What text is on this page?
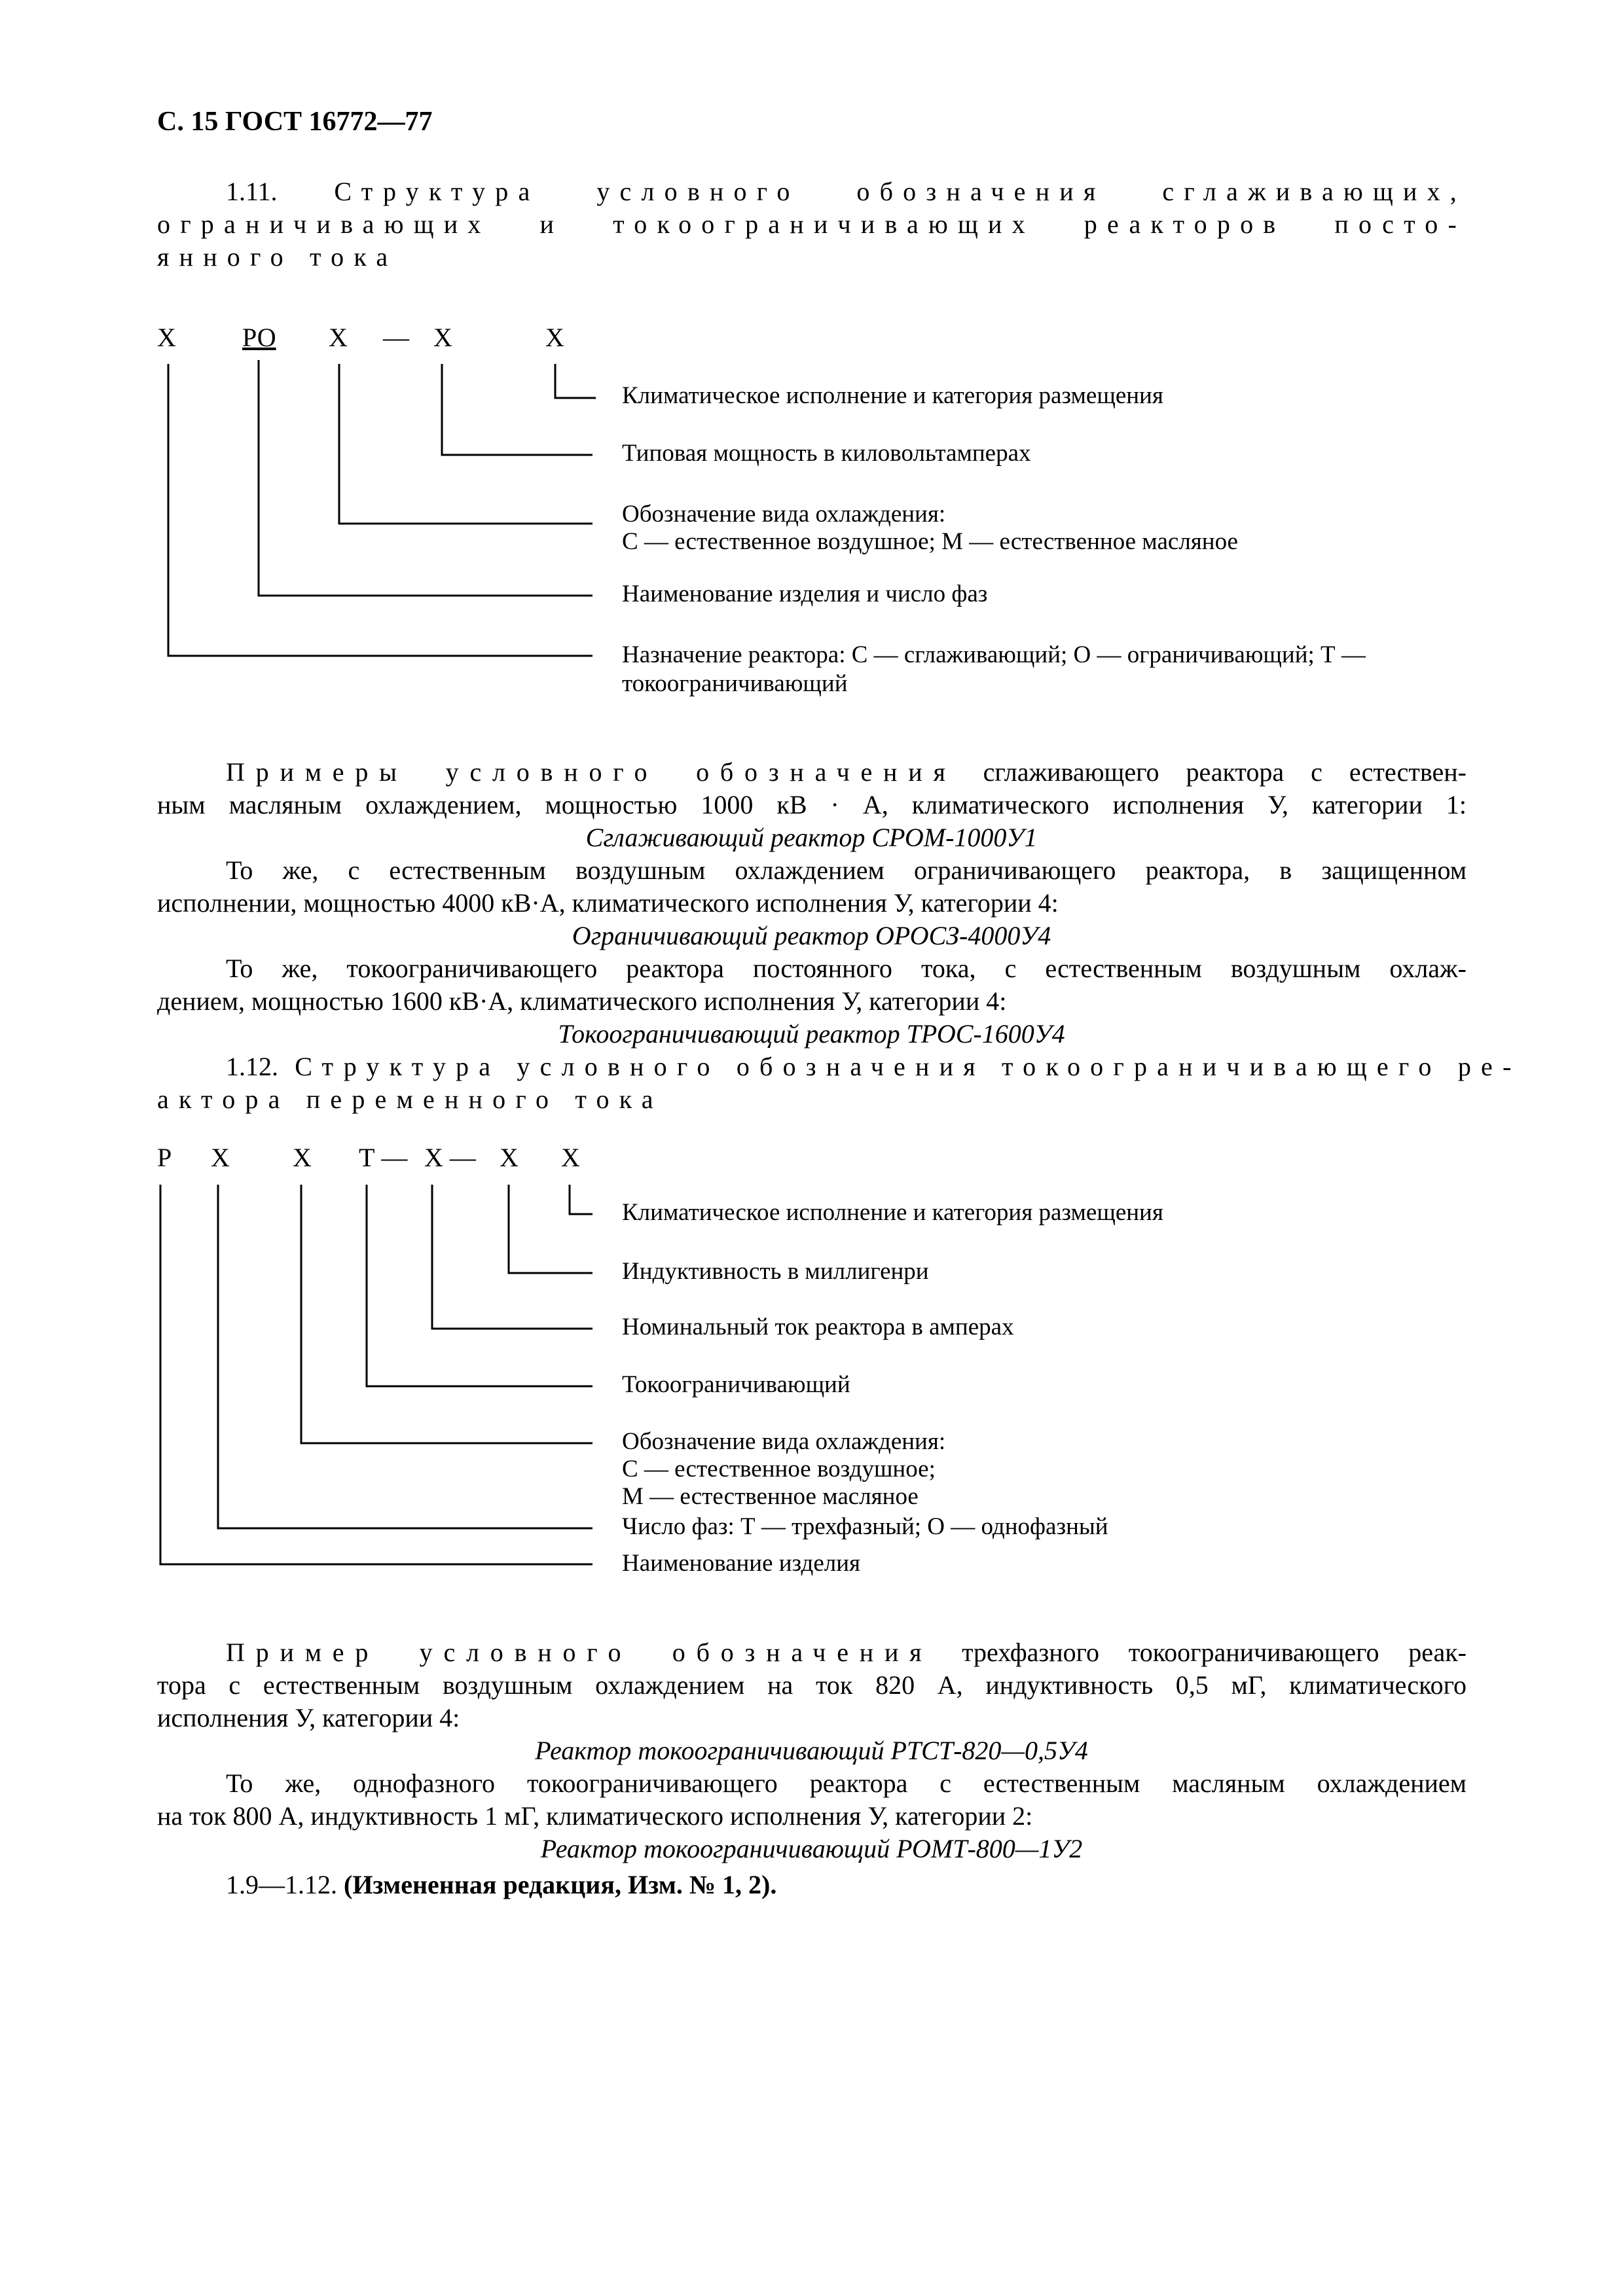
С. 15 ГОСТ 16772—77
1.11. Структура условного обозначения сглаживающих,
ограничивающих и токоограничивающих реакторов посто-
янного тока
Х	РО Х — Х	Х
Климатическое исполнение и категория размещения
Типовая мощность в киловольтамперах
Обозначение вида охлаждения:
С — естественное воздушное; М — естественное масляное
Наименование изделия и число фаз
Назначение реактора: С — сглаживающий; О — ограничивающий; Т —
токоограничивающий
Примеры условного обозначения сглаживающего реактора с естествен-
ным масляным охлаждением, мощностью 1000 кВ · А, климатического исполнения У, категории 1:
Сглаживающий реактор СРОМ-1000У1
То же, с естественным воздушным охлаждением ограничивающего реактора, в защищенном
исполнении, мощностью 4000 кВ·А, климатического исполнения У, категории 4:
Ограничивающий реактор ОРОСЗ-4000У4
То же, токоограничивающего реактора постоянного тока, с естественным воздушным охлаж-
дением, мощностью 1600 кВ·А, климатического исполнения У, категории 4:
Токоограничивающий реактор ТРОС-1600У4
1.12. Структура условного обозначения токоограничивающего ре-
актора переменного тока
Р Х Х Т — Х — Х Х
Климатическое исполнение и категория размещения
Индуктивность в миллигенри
Номинальный ток реактора в амперах
Токоограничивающий
Обозначение вида охлаждения:
С — естественное воздушное;
М — естественное масляное
Число фаз: Т — трехфазный; О — однофазный
Наименование изделия
Пример условного обозначения трехфазного токоограничивающего реак-
тора с естественным воздушным охлаждением на ток 820 А, индуктивность 0,5 мГ, климатического
исполнения У, категории 4:
Реактор токоограничивающий РТСТ-820—0,5У4
То же, однофазного токоограничивающего реактора с естественным масляным охлаждением
на ток 800 А, индуктивность 1 мГ, климатического исполнения У, категории 2:
Реактор токоограничивающий РОМТ-800—1У2
1.9—1.12. (Измененная редакция, Изм. № 1, 2).
